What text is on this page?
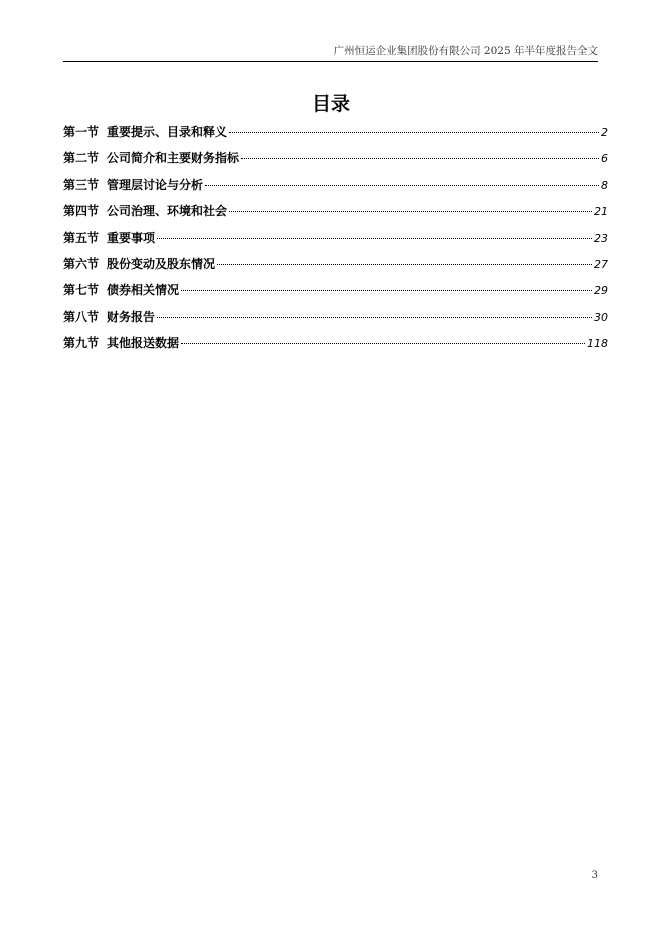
广州恒运企业集团股份有限公司 2025 年半年度报告全文
目录
第一节 重要提示、目录和释义	2
第二节 公司简介和主要财务指标	6
第三节 管理层讨论与分析	8
第四节 公司治理、环境和社会	21
第五节 重要事项	23
第六节 股份变动及股东情况	27
第七节 债券相关情况	29
第八节 财务报告	30
第九节 其他报送数据	118
3
